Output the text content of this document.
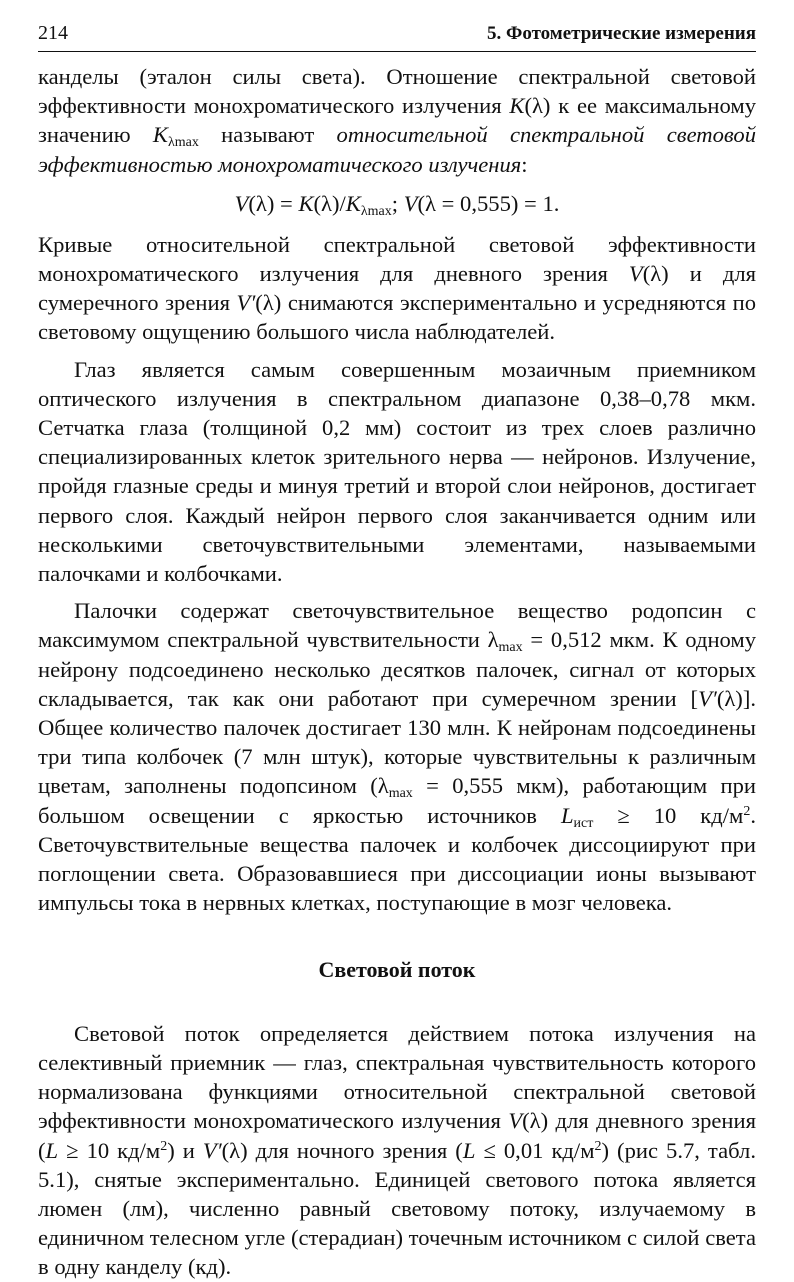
214	5. Фотометрические измерения

канделы (эталон силы света). Отношение спектральной световой эффективности монохроматического излучения K(λ) к ее максимальному значению $K_{\lambda max}$ называют относительной спектральной световой эффективностью монохроматического излучения:

$V(\lambda) = K(\lambda)/K_{\lambda max}$; V(λ = 0,555) = 1.

Кривые относительной спектральной световой эффективности монохроматического излучения для дневного зрения V(λ) и для сумеречного зрения V′(λ) снимаются экспериментально и усредняются по световому ощущению большого числа наблюдателей.

Глаз является самым совершенным мозаичным приемником оптического излучения в спектральном диапазоне 0,38–0,78 мкм. Сетчатка глаза (толщиной 0,2 мм) состоит из трех слоев различно специализированных клеток зрительного нерва — нейронов. Излучение, пройдя глазные среды и минуя третий и второй слои нейронов, достигает первого слоя. Каждый нейрон первого слоя заканчивается одним или несколькими светочувствительными элементами, называемыми палочками и колбочками.

Палочки содержат светочувствительное вещество родопсин с максимумом спектральной чувствительности $\lambda_{max} = 0,512$ мкм. К одному нейрону подсоединено несколько десятков палочек, сигнал от которых складывается, так как они работают при сумеречном зрении [V′(λ)]. Общее количество палочек достигает 130 млн. К нейронам подсоединены три типа колбочек (7 млн штук), которые чувствительны к различным цветам, заполнены подопсином ($\lambda_{max} = 0,555$ мкм), работающим при большом освещении с яркостью источников $L_{ист} \ge 10$ $кд/м^2$. Светочувствительные вещества палочек и колбочек диссоциируют при поглощении света. Образовавшиеся при диссоциации ионы вызывают импульсы тока в нервных клетках, поступающие в мозг человека.

Световой поток

Световой поток определяется действием потока излучения на селективный приемник — глаз, спектральная чувствительность которого нормализована функциями относительной спектральной световой эффективности монохроматического излучения V(λ) для дневного зрения (L ≥ 10 $кд/м^2$) и V′(λ) для ночного зрения (L ≤ 0,01 $кд/м^2$) (рис 5.7, табл. 5.1), снятые экспериментально. Единицей светового потока является люмен (лм), численно равный световому потоку, излучаемому в единичном телесном угле (стерадиан) точечным источником с силой света в одну канделу (кд).
